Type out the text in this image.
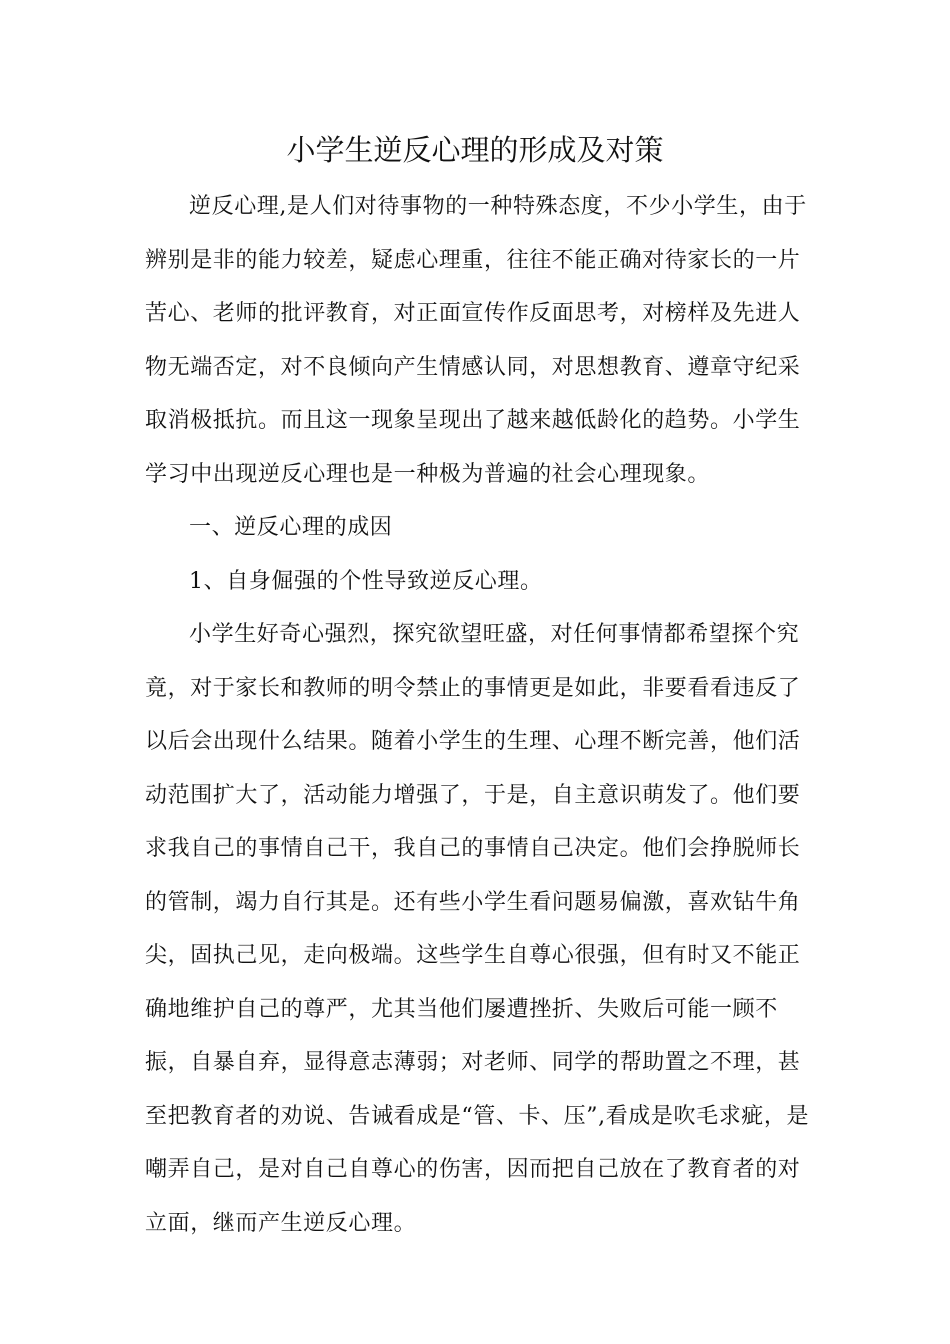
小学生逆反心理的形成及对策

逆反心理,是人们对待事物的一种特殊态度，不少小学生，由于辨别是非的能力较差，疑虑心理重，往往不能正确对待家长的一片苦心、老师的批评教育，对正面宣传作反面思考，对榜样及先进人物无端否定，对不良倾向产生情感认同，对思想教育、遵章守纪采取消极抵抗。而且这一现象呈现出了越来越低龄化的趋势。小学生学习中出现逆反心理也是一种极为普遍的社会心理现象。

一、逆反心理的成因

1、自身倔强的个性导致逆反心理。

小学生好奇心强烈，探究欲望旺盛，对任何事情都希望探个究竟，对于家长和教师的明令禁止的事情更是如此，非要看看违反了以后会出现什么结果。随着小学生的生理、心理不断完善，他们活动范围扩大了，活动能力增强了，于是，自主意识萌发了。他们要求我自己的事情自己干，我自己的事情自己决定。他们会挣脱师长的管制，竭力自行其是。还有些小学生看问题易偏激，喜欢钻牛角尖，固执己见，走向极端。这些学生自尊心很强，但有时又不能正确地维护自己的尊严，尤其当他们屡遭挫折、失败后可能一顾不振，自暴自弃，显得意志薄弱；对老师、同学的帮助置之不理，甚至把教育者的劝说、告诫看成是“管、卡、压”,看成是吹毛求疵，是嘲弄自己，是对自己自尊心的伤害，因而把自己放在了教育者的对立面，继而产生逆反心理。
